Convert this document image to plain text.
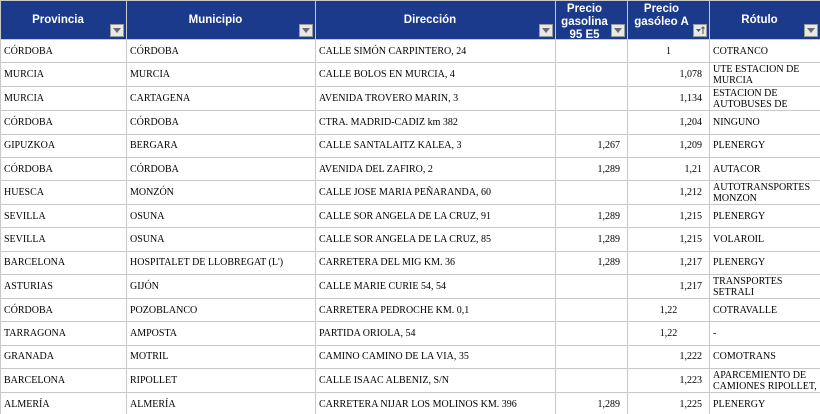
Provincia	Municipio	Dirección	Precio gasolina 95 E5	Precio gasóleo A	Rótulo

CÓRDOBA	CÓRDOBA	CALLE SIMÓN CARPINTERO, 24		1	COTRANCO
MURCIA	MURCIA	CALLE BOLOS EN MURCIA, 4		1,078	UTE ESTACION DE MURCIA
MURCIA	CARTAGENA	AVENIDA TROVERO MARIN, 3		1,134	ESTACION DE AUTOBUSES DE
CÓRDOBA	CÓRDOBA	CTRA. MADRID-CADIZ km 382		1,204	NINGUNO
GIPUZKOA	BERGARA	CALLE SANTALAITZ KALEA, 3	1,267	1,209	PLENERGY
CÓRDOBA	CÓRDOBA	AVENIDA DEL ZAFIRO, 2	1,289	1,21	AUTACOR
HUESCA	MONZÓN	CALLE JOSE MARIA PEÑARANDA, 60		1,212	AUTOTRANSPORTES MONZON
SEVILLA	OSUNA	CALLE SOR ANGELA DE LA CRUZ, 91	1,289	1,215	PLENERGY
SEVILLA	OSUNA	CALLE SOR ANGELA DE LA CRUZ, 85	1,289	1,215	VOLAROIL
BARCELONA	HOSPITALET DE LLOBREGAT (L')	CARRETERA DEL MIG KM. 36	1,289	1,217	PLENERGY
ASTURIAS	GIJÓN	CALLE MARIE CURIE 54, 54		1,217	TRANSPORTES SETRALI
CÓRDOBA	POZOBLANCO	CARRETERA PEDROCHE KM. 0,1		1,22	COTRAVALLE
TARRAGONA	AMPOSTA	PARTIDA ORIOLA, 54		1,22	-
GRANADA	MOTRIL	CAMINO CAMINO DE LA VIA, 35		1,222	COMOTRANS
BARCELONA	RIPOLLET	CALLE ISAAC ALBENIZ, S/N		1,223	APARCEMIENTO DE CAMIONES RIPOLLET,
ALMERÍA	ALMERÍA	CARRETERA NIJAR LOS MOLINOS KM. 396	1,289	1,225	PLENERGY
